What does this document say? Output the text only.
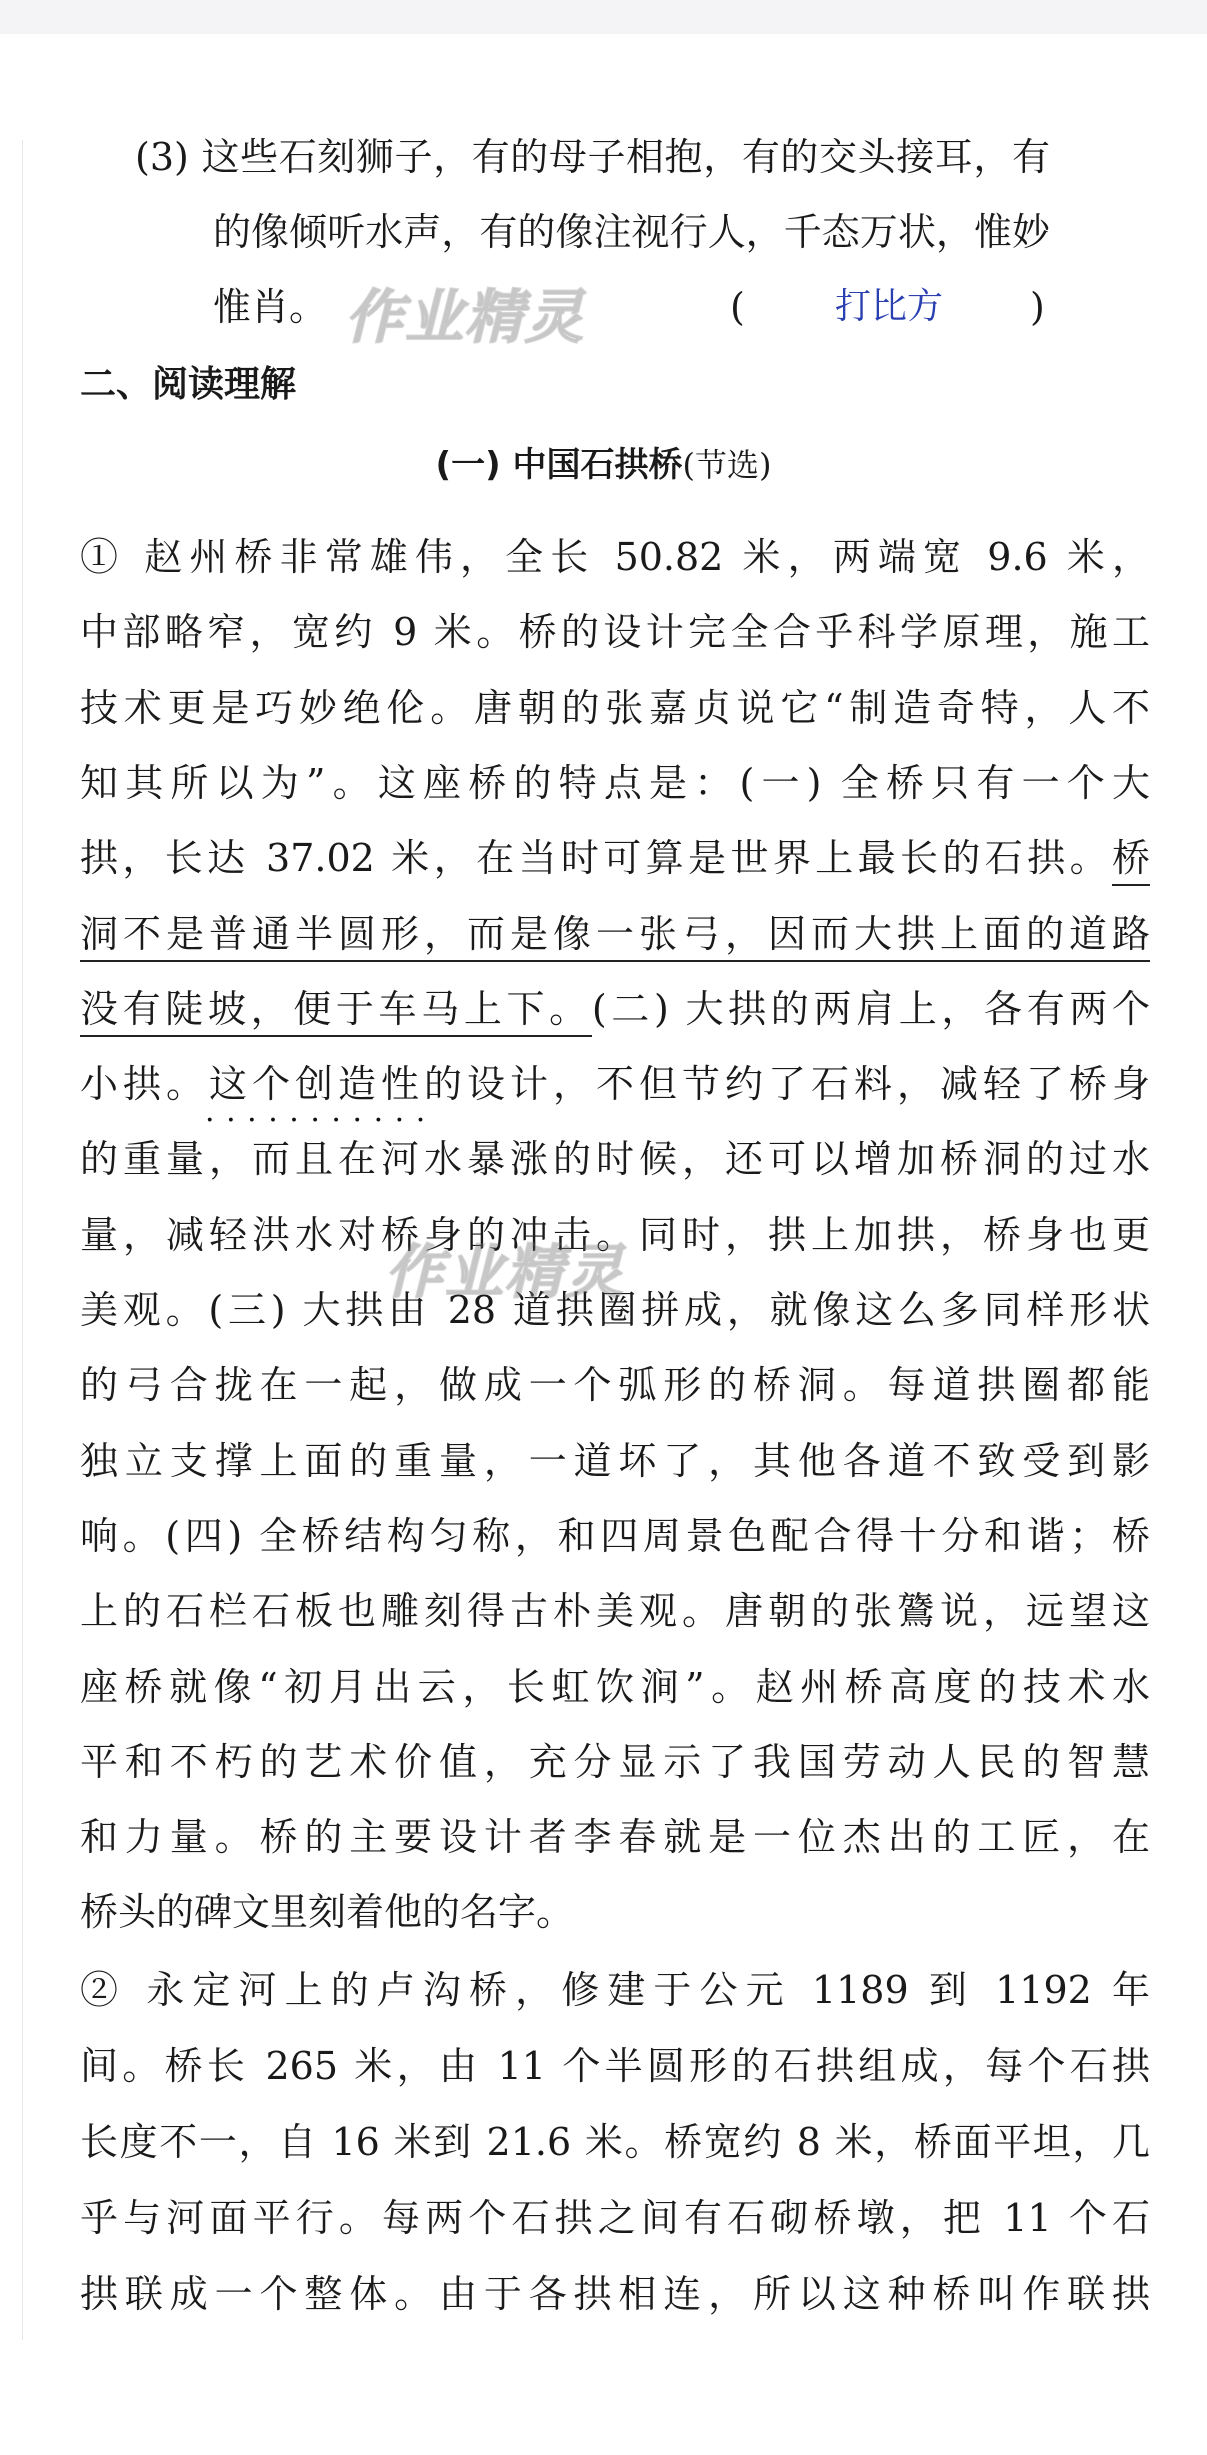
(3) 这些石刻狮子，有的母子相抱，有的交头接耳，有
的像倾听水声，有的像注视行人，千态万状，惟妙
惟肖。	(	打比方 )
二、阅读理解
(一) 中国石拱桥(节选)
① 赵州桥非常雄伟，全长 50.82 米，两端宽 9.6 米，
中部略窄，宽约 9 米。桥的设计完全合乎科学原理，施工
技术更是巧妙绝伦。唐朝的张嘉贞说它“制造奇特，人不
知其所以为”。这座桥的特点是：(一) 全桥只有一个大
拱，长达 37.02 米，在当时可算是世界上最长的石拱。桥
洞不是普通半圆形，而是像一张弓，因而大拱上面的道路
没有陡坡，便于车马上下。(二) 大拱的两肩上，各有两个
小拱。这个创造性的设计 · · ·，不但节约了石料，减轻了桥身
的重量，而且在河水暴涨的时候，还可以增加桥洞的过水
量，减轻洪水对桥身的冲击。同时，拱上加拱，桥身也更
美观。(三) 大拱由 28 道拱圈拼成，就像这么多同样形状
的弓合拢在一起，做成一个弧形的桥洞。每道拱圈都能
独立支撑上面的重量，一道坏了，其他各道不致受到影
响。(四) 全桥结构匀称，和四周景色配合得十分和谐；桥
上的石栏石板也雕刻得古朴美观。唐朝的张鷟说，远望这
座桥就像“初月出云，长虹饮涧”。赵州桥高度的技术水
平和不朽的艺术价值，充分显示了我国劳动人民的智慧
和力量。桥的主要设计者李春就是一位杰出的工匠，在
桥头的碑文里刻着他的名字。
② 永定河上的卢沟桥，修建于公元 1189 到 1192 年
间。桥长 265 米，由 11 个半圆形的石拱组成，每个石拱
长度不一，自 16 米到 21.6 米。桥宽约 8 米，桥面平坦，几
乎与河面平行。每两个石拱之间有石砌桥墩，把 11 个石
拱联成一个整体。由于各拱相连，所以这种桥叫作联拱
作业精灵
作业精灵
